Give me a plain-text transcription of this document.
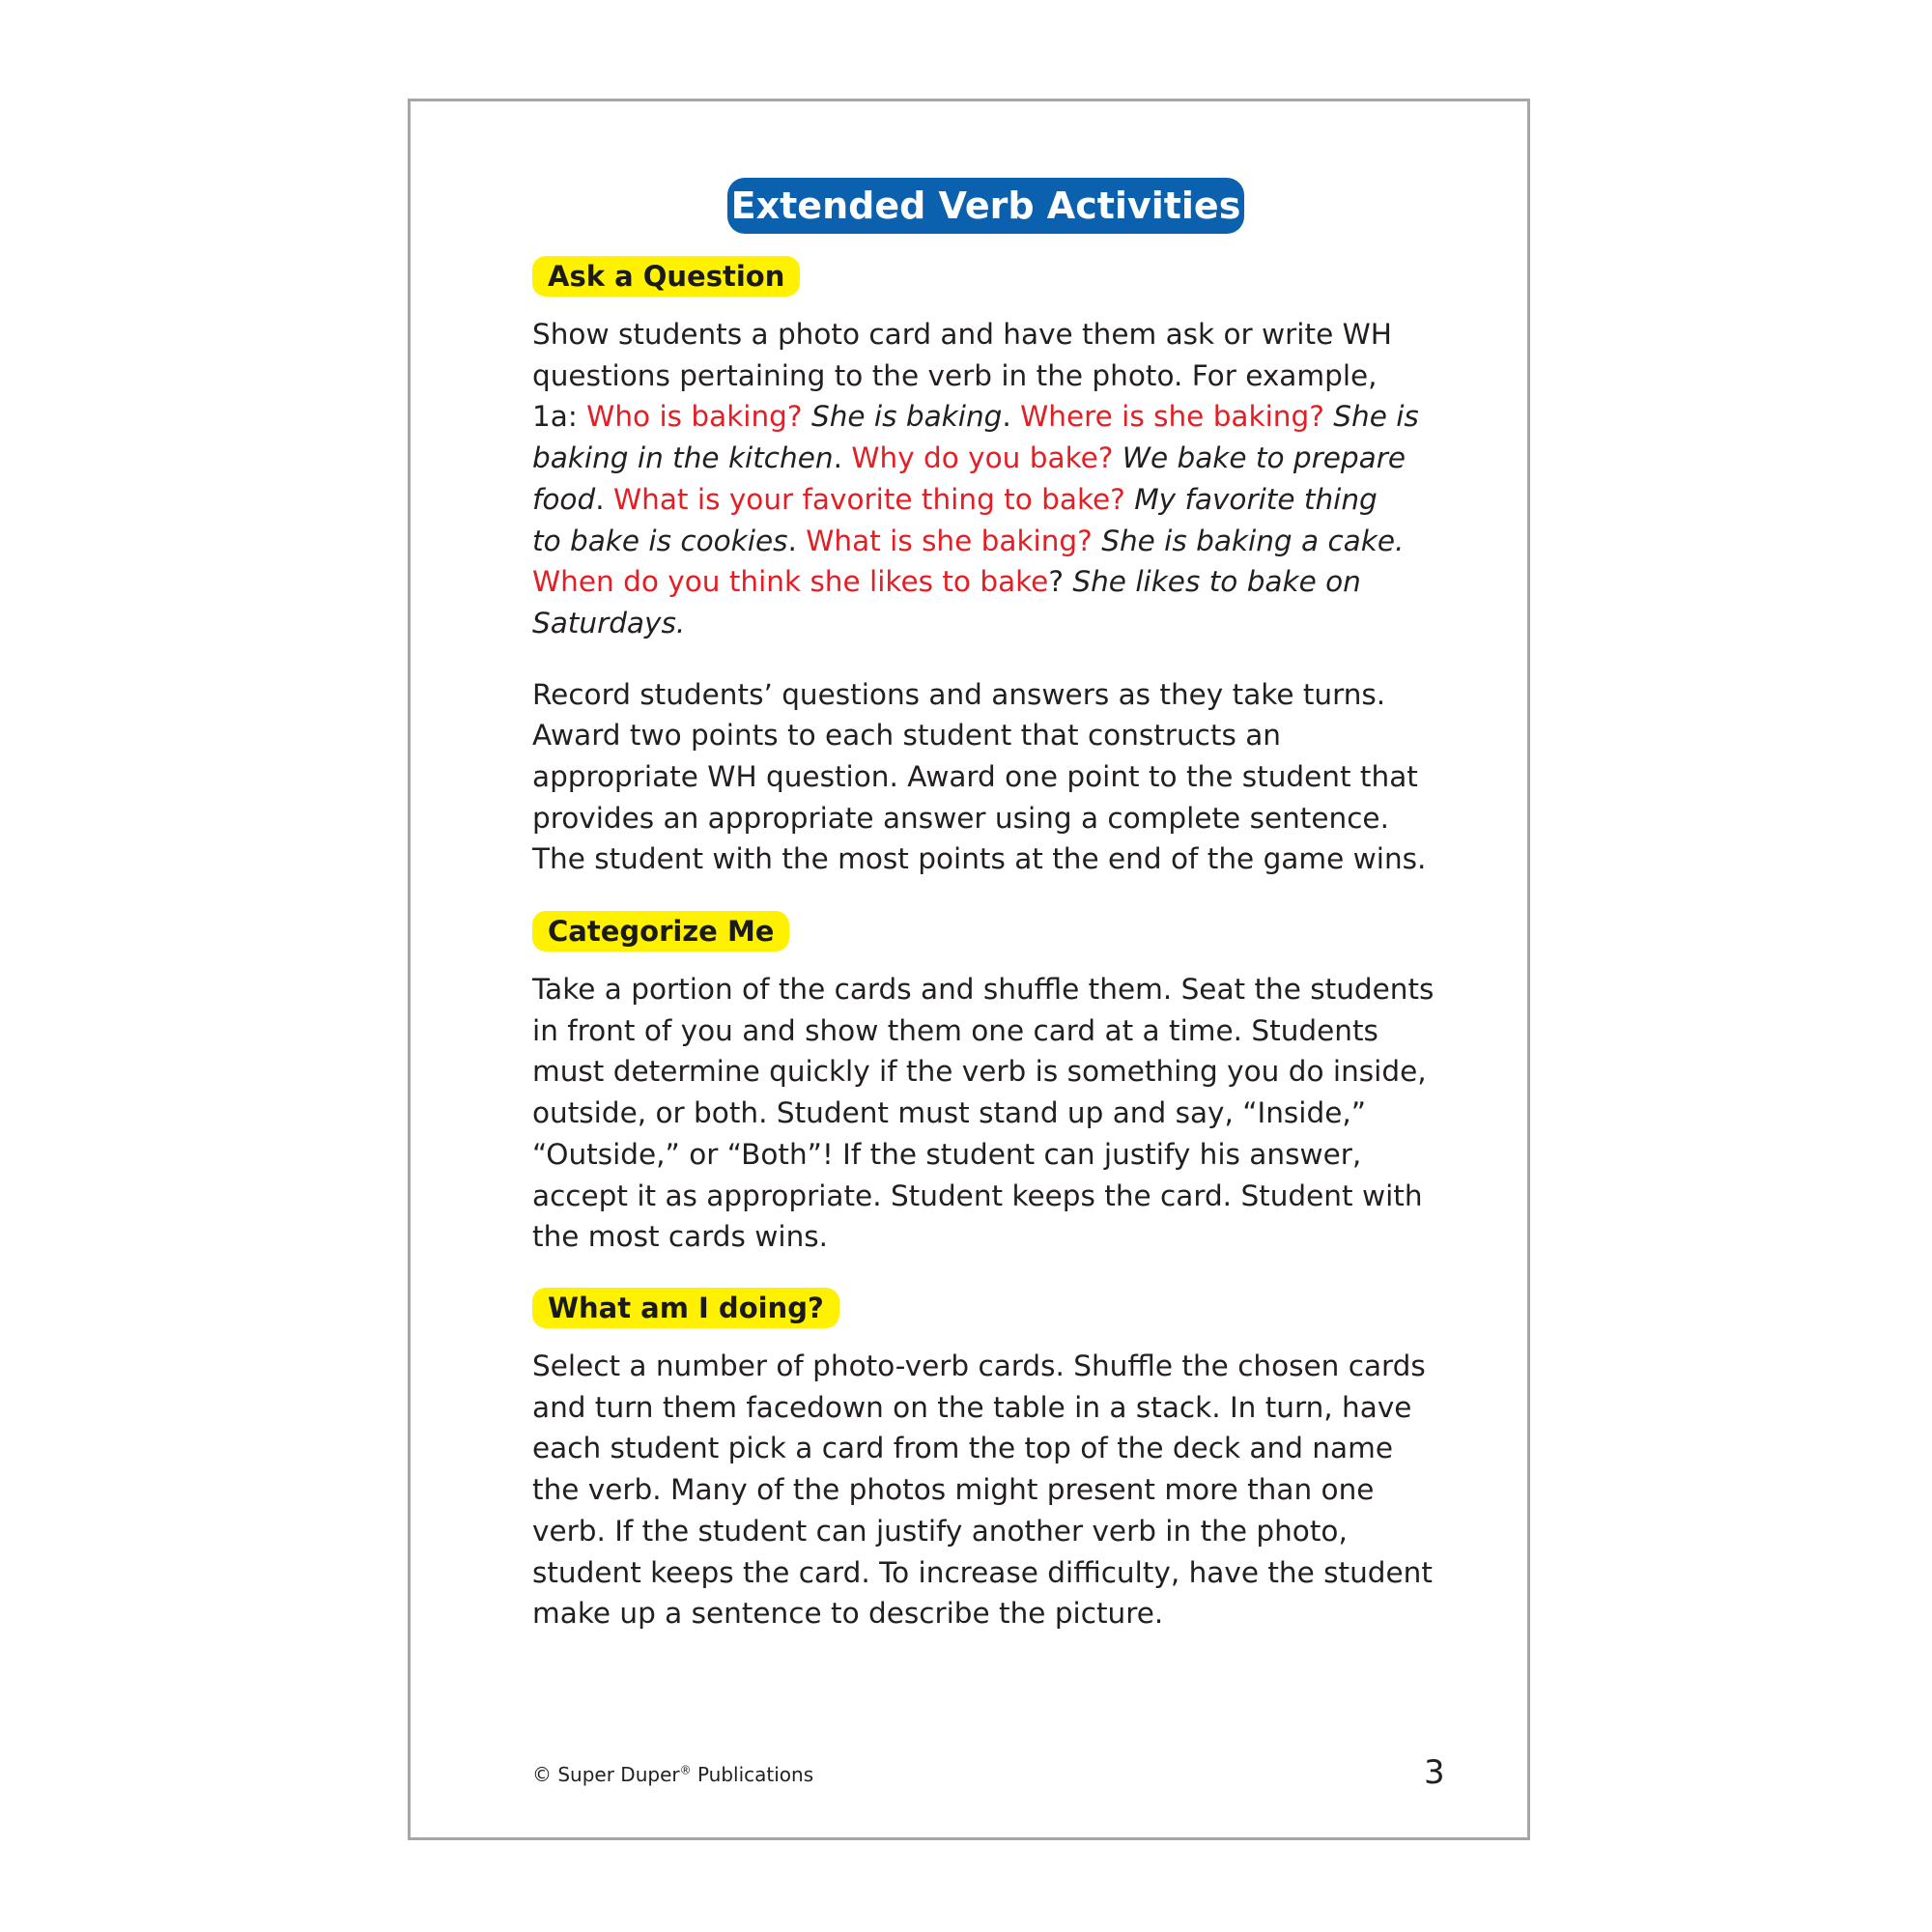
Extended Verb Activities
Ask a Question
Show students a photo card and have them ask or write WH
questions pertaining to the verb in the photo. For example,
1a: Who is baking? She is baking. Where is she baking? She is
baking in the kitchen. Why do you bake? We bake to prepare
food. What is your favorite thing to bake? My favorite thing
to bake is cookies. What is she baking? She is baking a cake.
When do you think she likes to bake? She likes to bake on
Saturdays.
Record students’ questions and answers as they take turns.
Award two points to each student that constructs an
appropriate WH question. Award one point to the student that
provides an appropriate answer using a complete sentence.
The student with the most points at the end of the game wins.
Categorize Me
Take a portion of the cards and shuffle them. Seat the students
in front of you and show them one card at a time. Students
must determine quickly if the verb is something you do inside,
outside, or both. Student must stand up and say, “Inside,”
“Outside,” or “Both”! If the student can justify his answer,
accept it as appropriate. Student keeps the card. Student with
the most cards wins.
What am I doing?
Select a number of photo-verb cards. Shuffle the chosen cards
and turn them facedown on the table in a stack. In turn, have
each student pick a card from the top of the deck and name
the verb. Many of the photos might present more than one
verb. If the student can justify another verb in the photo,
student keeps the card. To increase difficulty, have the student
make up a sentence to describe the picture.
© Super Duper® Publications	3
